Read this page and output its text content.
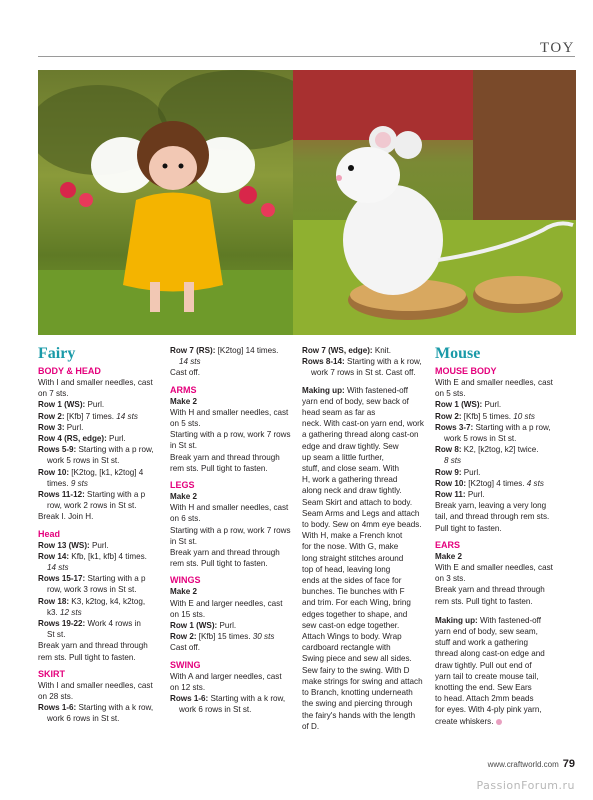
TOY
Fairy
BODY & HEAD
With I and smaller needles, cast
on 7 sts.
Row 1 (WS): Purl.
Row 2: [Kfb] 7 times. 14 sts
Row 3: Purl.
Row 4 (RS, edge): Purl.
Rows 5-9: Starting with a p row,
work 5 rows in St st.
Row 10: [K2tog, [k1, k2tog] 4
times. 9 sts
Rows 11-12: Starting with a p
row, work 2 rows in St st.
Break I. Join H.
Head
Row 13 (WS): Purl.
Row 14: Kfb, [k1, kfb] 4 times.
14 sts
Rows 15-17: Starting with a p
row, work 3 rows in St st.
Row 18: K3, k2tog, k4, k2tog,
k3. 12 sts
Rows 19-22: Work 4 rows in
St st.
Break yarn and thread through
rem sts. Pull tight to fasten.
SKIRT
With I and smaller needles, cast
on 28 sts.
Rows 1-6: Starting with a k row,
work 6 rows in St st.
Row 7 (RS): [K2tog] 14 times.
14 sts
Cast off.
ARMS
Make 2
With H and smaller needles, cast
on 5 sts.
Starting with a p row, work 7 rows
in St st.
Break yarn and thread through
rem sts. Pull tight to fasten.
LEGS
Make 2
With H and smaller needles, cast
on 6 sts.
Starting with a p row, work 7 rows
in St st.
Break yarn and thread through
rem sts. Pull tight to fasten.
WINGS
Make 2
With E and larger needles, cast
on 15 sts.
Row 1 (WS): Purl.
Row 2: [Kfb] 15 times. 30 sts
Cast off.
SWING
With A and larger needles, cast
on 12 sts.
Rows 1-6: Starting with a k row,
work 6 rows in St st.
Row 7 (WS, edge): Knit.
Rows 8-14: Starting with a k row,
work 7 rows in St st. Cast off.
Making up: With fastened-off
yarn end of body, sew back of
head seam as far as
neck. With cast-on yarn end, work
a gathering thread along cast-on
edge and draw tightly. Sew
up seam a little further,
stuff, and close seam. With
H, work a gathering thread
along neck and draw tightly.
Seam Skirt and attach to body.
Seam Arms and Legs and attach
to body. Sew on 4mm eye beads.
With H, make a French knot
for the nose. With G, make
long straight stitches around
top of head, leaving long
ends at the sides of face for
bunches. Tie bunches with F
and trim. For each Wing, bring
edges together to shape, and
sew cast-on edge together.
Attach Wings to body. Wrap
cardboard rectangle with
Swing piece and sew all sides.
Sew fairy to the swing. With D
make strings for swing and attach
to Branch, knotting underneath
the swing and piercing through
the fairy's hands with the length
of D.
Mouse
MOUSE BODY
With E and smaller needles, cast
on 5 sts.
Row 1 (WS): Purl.
Row 2: [Kfb] 5 times. 10 sts
Rows 3-7: Starting with a p row,
work 5 rows in St st.
Row 8: K2, [k2tog, k2] twice.
8 sts
Row 9: Purl.
Row 10: [K2tog] 4 times. 4 sts
Row 11: Purl.
Break yarn, leaving a very long
tail, and thread through rem sts.
Pull tight to fasten.
EARS
Make 2
With E and smaller needles, cast
on 3 sts.
Break yarn and thread through
rem sts. Pull tight to fasten.
Making up: With fastened-off
yarn end of body, sew seam,
stuff and work a gathering
thread along cast-on edge and
draw tightly. Pull out end of
yarn tail to create mouse tail,
knotting the end. Sew Ears
to head. Attach 2mm beads
for eyes. With 4-ply pink yarn,
create whiskers.
www.craftworld.com 79
PassionForum.ru
